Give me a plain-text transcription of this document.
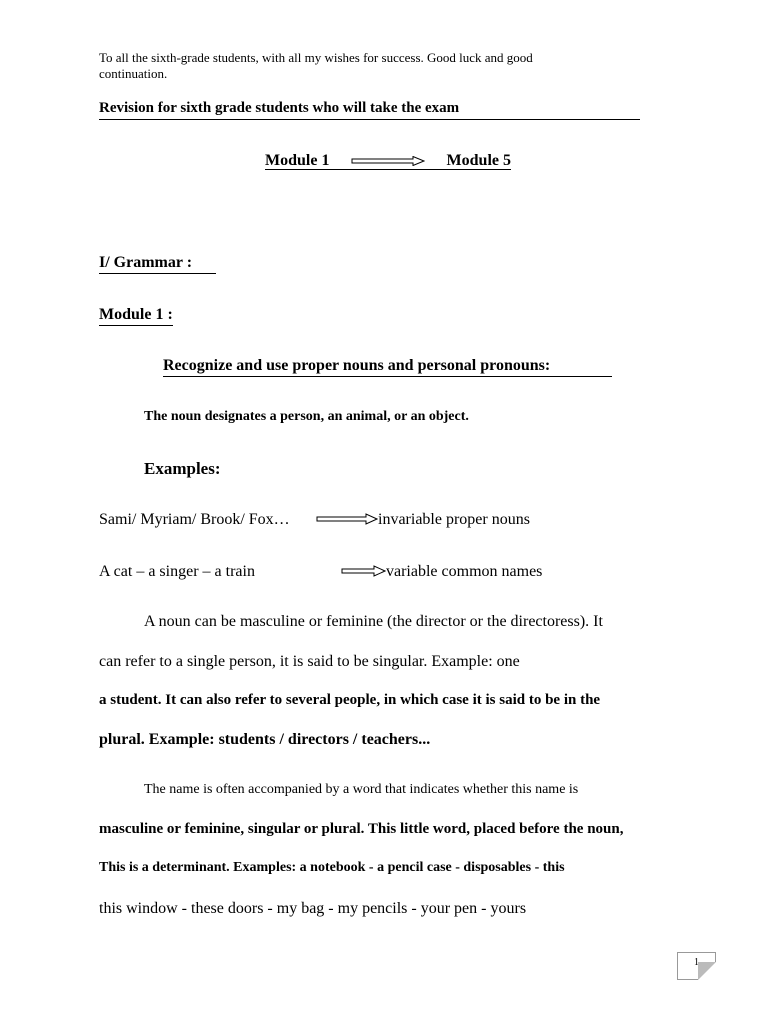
To all the sixth-grade students, with all my wishes for success. Good luck and good continuation.
Revision for sixth grade students who will take the exam
Module 1	Module 5
I/ Grammar :
Module 1 :
Recognize and use proper nouns and personal pronouns:
The noun designates a person, an animal, or an object.
Examples:
Sami/ Myriam/ Brook/ Fox…	invariable proper nouns
A cat – a singer – a train	variable common names
A noun can be masculine or feminine (the director or the directoress). It
can refer to a single person, it is said to be singular. Example: one
a student. It can also refer to several people, in which case it is said to be in the
plural. Example: students / directors / teachers...
The name is often accompanied by a word that indicates whether this name is
masculine or feminine, singular or plural. This little word, placed before the noun,
This is a determinant. Examples: a notebook - a pencil case - disposables - this
this window - these doors - my bag - my pencils - your pen - yours
1
